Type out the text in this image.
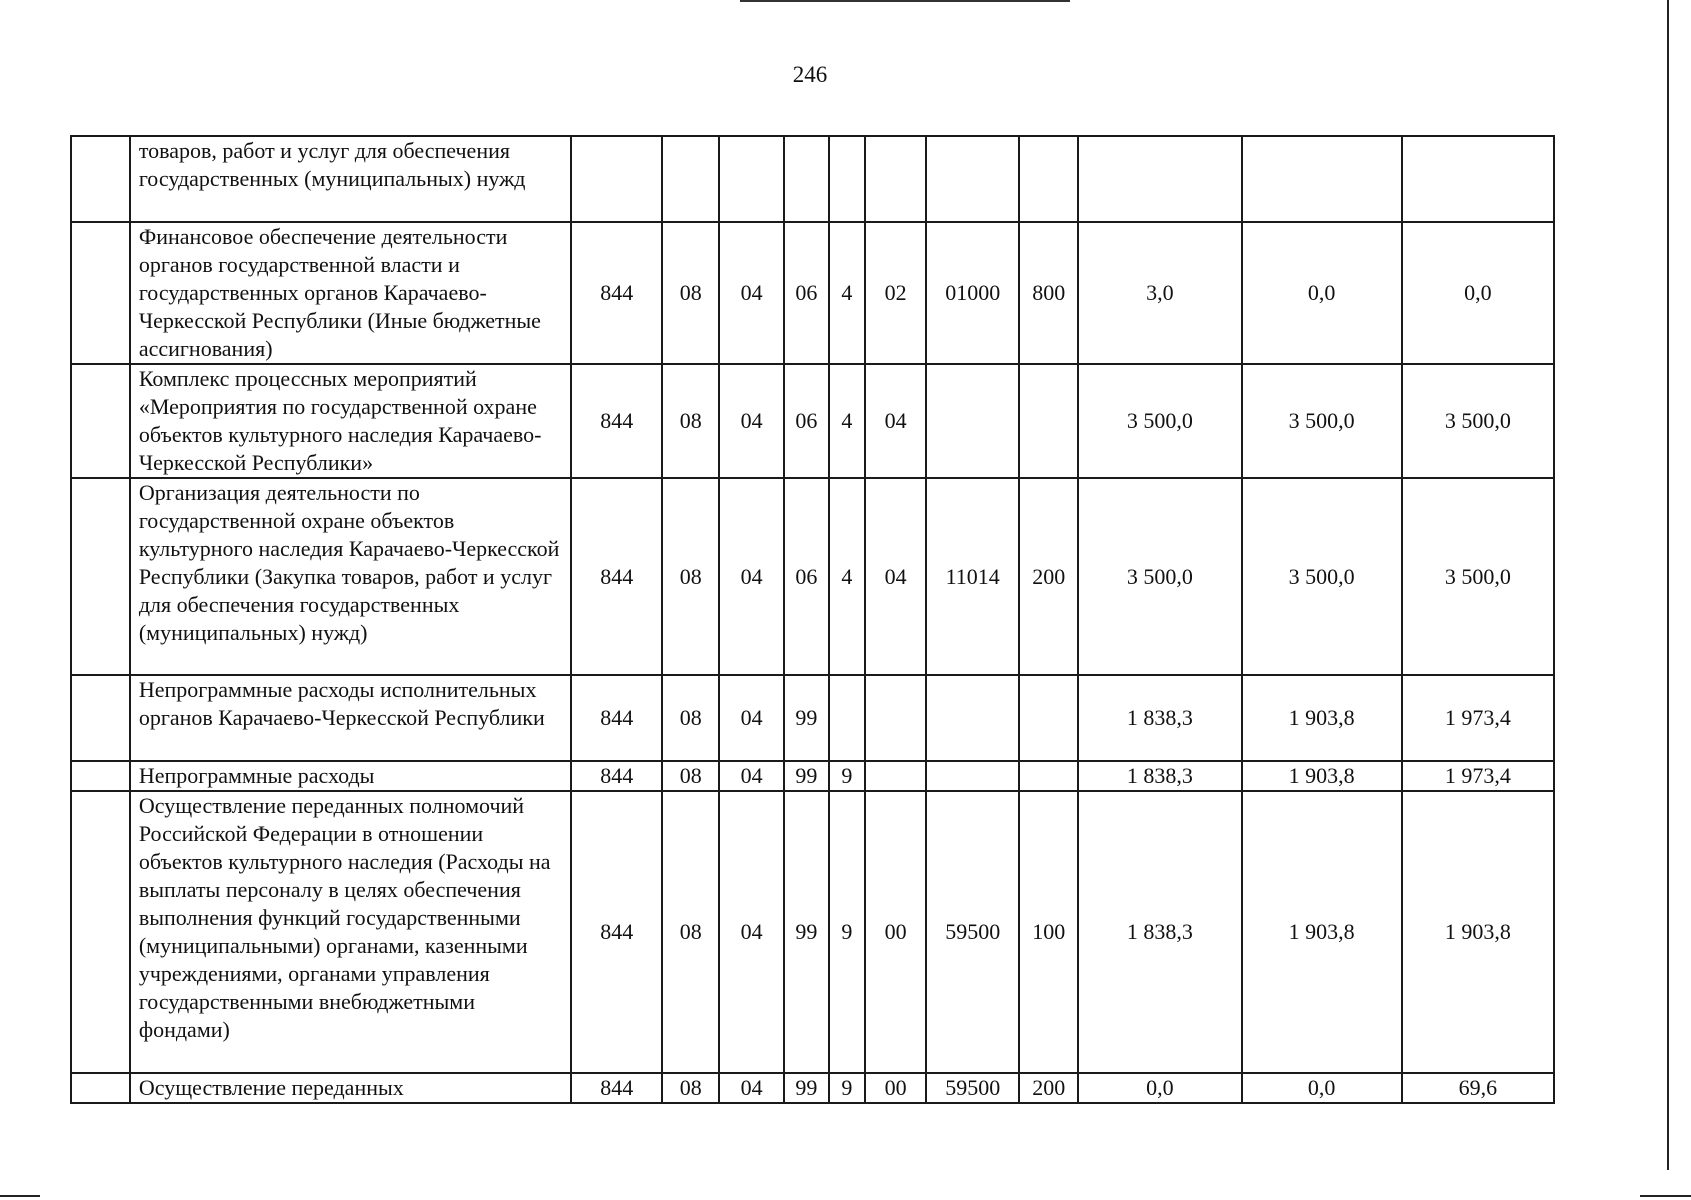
246
	товаров, работ и услуг для обеспечения государственных (муниципальных) нужд											
	Финансовое обеспечение деятельности органов государственной власти и государственных органов Карачаево-Черкесской Республики (Иные бюджетные ассигнования)	844	08	04	06	4	02	01000	800	3,0	0,0	0,0
	Комплекс процессных мероприятий «Мероприятия по государственной охране объектов культурного наследия Карачаево-Черкесской Республики»	844	08	04	06	4	04			3 500,0	3 500,0	3 500,0
	Организация деятельности по государственной охране объектов культурного наследия Карачаево-Черкесской Республики (Закупка товаров, работ и услуг для обеспечения государственных (муниципальных) нужд)	844	08	04	06	4	04	11014	200	3 500,0	3 500,0	3 500,0
	Непрограммные расходы исполнительных органов Карачаево-Черкесской Республики	844	08	04	99					1 838,3	1 903,8	1 973,4
	Непрограммные расходы	844	08	04	99	9				1 838,3	1 903,8	1 973,4
	Осуществление переданных полномочий Российской Федерации в отношении объектов культурного наследия (Расходы на выплаты персоналу в целях обеспечения выполнения функций государственными (муниципальными) органами, казенными учреждениями, органами управления государственными внебюджетными фондами)	844	08	04	99	9	00	59500	100	1 838,3	1 903,8	1 903,8
	Осуществление переданных	844	08	04	99	9	00	59500	200	0,0	0,0	69,6
